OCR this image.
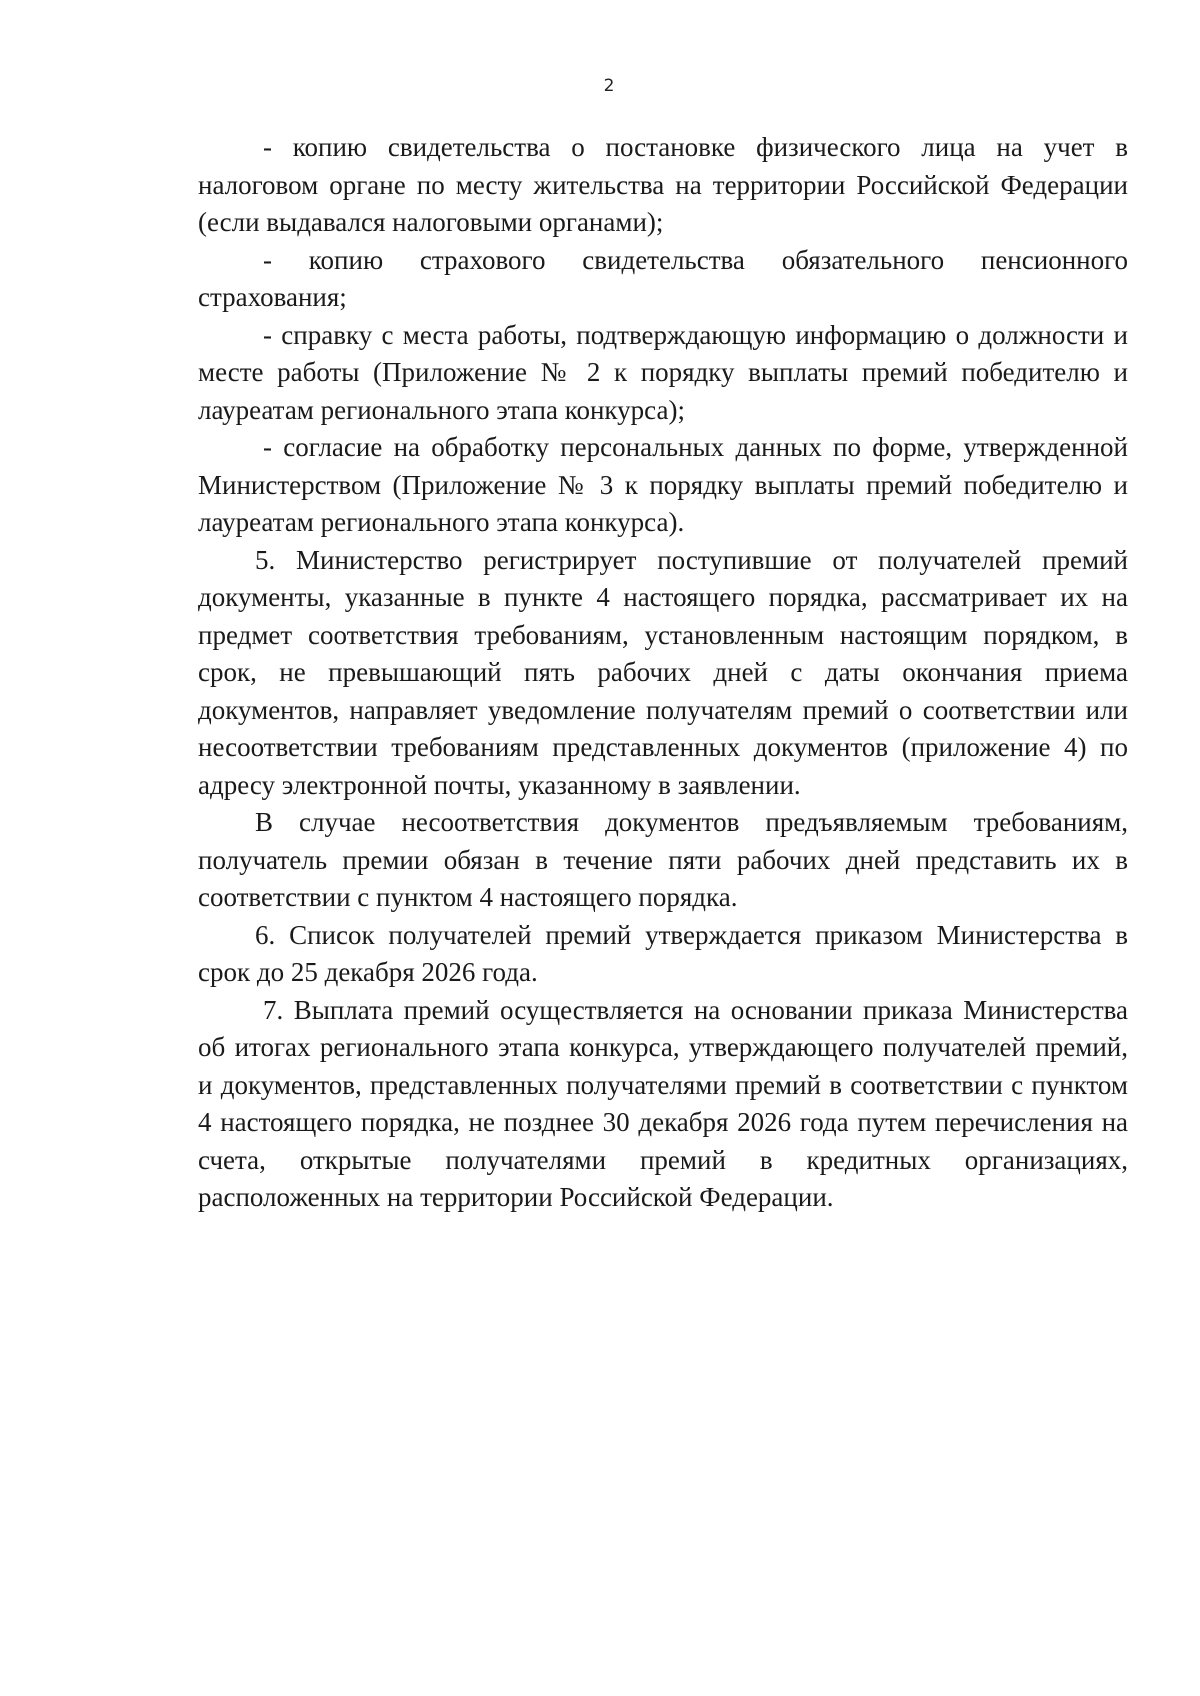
2

- копию свидетельства о постановке физического лица на учет в налоговом органе по месту жительства на территории Российской Федерации (если выдавался налоговыми органами);

- копию страхового свидетельства обязательного пенсионного страхования;

- справку с места работы, подтверждающую информацию о должности и месте работы (Приложение № 2 к порядку выплаты премий победителю и лауреатам регионального этапа конкурса);

- согласие на обработку персональных данных по форме, утвержденной Министерством (Приложение № 3 к порядку выплаты премий победителю и лауреатам регионального этапа конкурса).

5. Министерство регистрирует поступившие от получателей премий документы, указанные в пункте 4 настоящего порядка, рассматривает их на предмет соответствия требованиям, установленным настоящим порядком, в срок, не превышающий пять рабочих дней с даты окончания приема документов, направляет уведомление получателям премий о соответствии или несоответствии требованиям представленных документов (приложение 4) по адресу электронной почты, указанному в заявлении.

В случае несоответствия документов предъявляемым требованиям, получатель премии обязан в течение пяти рабочих дней представить их в соответствии с пунктом 4 настоящего порядка.

6. Список получателей премий утверждается приказом Министерства в срок до 25 декабря 2026 года.

7. Выплата премий осуществляется на основании приказа Министерства об итогах регионального этапа конкурса, утверждающего получателей премий, и документов, представленных получателями премий в соответствии с пунктом 4 настоящего порядка, не позднее 30 декабря 2026 года путем перечисления на счета, открытые получателями премий в кредитных организациях, расположенных на территории Российской Федерации.
